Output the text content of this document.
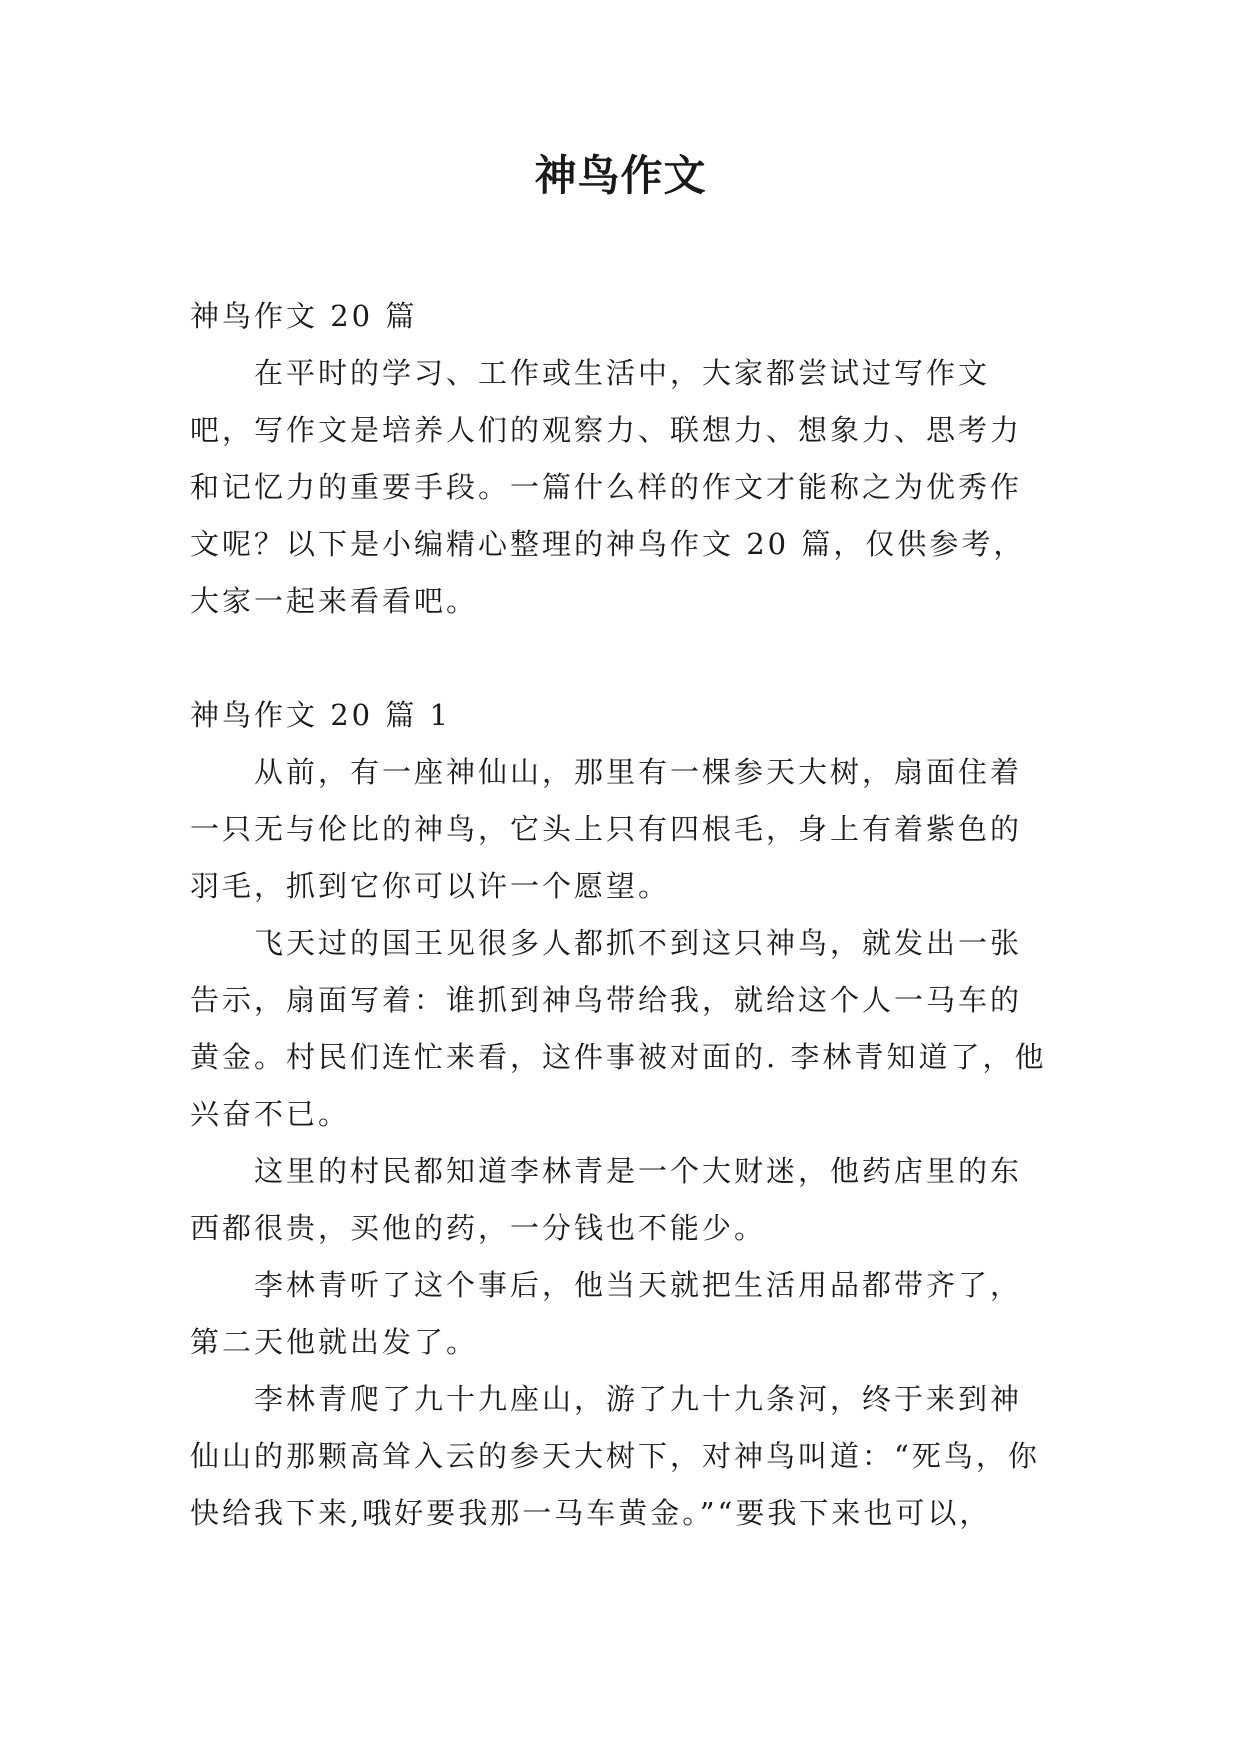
神鸟作文

神鸟作文 20 篇

在平时的学习、工作或生活中，大家都尝试过写作文吧，写作文是培养人们的观察力、联想力、想象力、思考力和记忆力的重要手段。一篇什么样的作文才能称之为优秀作文呢？以下是小编精心整理的神鸟作文 20 篇，仅供参考，大家一起来看看吧。

神鸟作文 20 篇 1

从前，有一座神仙山，那里有一棵参天大树，扇面住着一只无与伦比的神鸟，它头上只有四根毛，身上有着紫色的羽毛，抓到它你可以许一个愿望。

飞天过的国王见很多人都抓不到这只神鸟，就发出一张告示，扇面写着：谁抓到神鸟带给我，就给这个人一马车的黄金。村民们连忙来看，这件事被对面的. 李林青知道了，他兴奋不已。

这里的村民都知道李林青是一个大财迷，他药店里的东西都很贵，买他的药，一分钱也不能少。

李林青听了这个事后，他当天就把生活用品都带齐了，第二天他就出发了。

李林青爬了九十九座山，游了九十九条河，终于来到神仙山的那颗高耸入云的参天大树下，对神鸟叫道：“死鸟，你快给我下来,哦好要我那一马车黄金。”“要我下来也可以，
